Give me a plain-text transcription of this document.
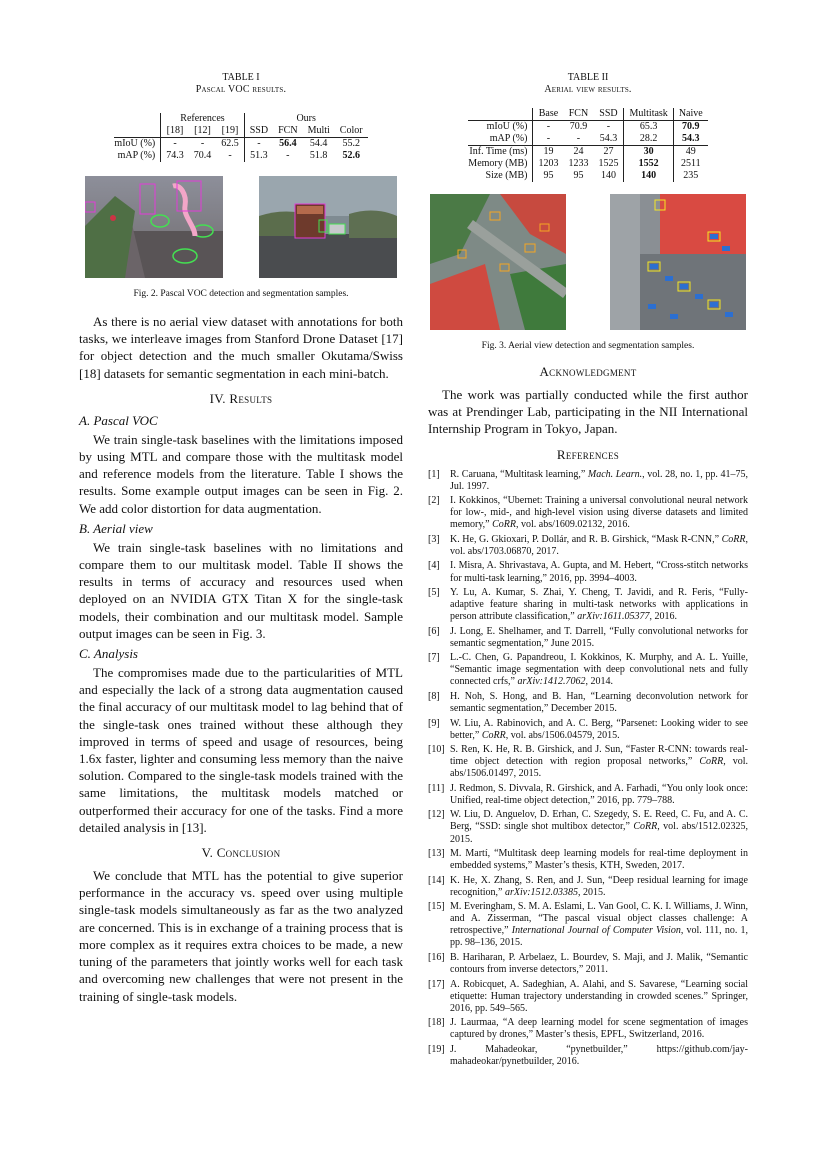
TABLE I
Pascal VOC results.
	References			Ours			
	[18]	[12]	[19]	SSD	FCN	Multi	Color
mIoU (%)	-	-	62.5	-	56.4	54.4	55.2
mAP (%)	74.3	70.4	-	51.3	-	51.8	52.6
Fig. 2. Pascal VOC detection and segmentation samples.

As there is no aerial view dataset with annotations for both tasks, we interleave images from Stanford Drone Dataset [17] for object detection and the much smaller Okutama/Swiss [18] datasets for semantic segmentation in each mini-batch.

IV. Results
A. Pascal VOC

We train single-task baselines with the limitations imposed by using MTL and compare those with the multitask model and reference models from the literature. Table I shows the results. Some example output images can be seen in Fig. 2. We add color distortion for data augmentation.

B. Aerial view

We train single-task baselines with no limitations and compare them to our multitask model. Table II shows the results in terms of accuracy and resources used when deployed on an NVIDIA GTX Titan X for the single-task models, their combination and our multitask model. Sample output images can be seen in Fig. 3.

C. Analysis

The compromises made due to the particularities of MTL and especially the lack of a strong data augmentation caused the final accuracy of our multitask model to lag behind that of the single-task ones trained without these although they improved in terms of speed and usage of resources, being 1.6x faster, lighter and consuming less memory than the naive solution. Compared to the single-task models trained with the same limitations, the multitask models matched or outperformed their accuracy for one of the tasks. Find a more detailed analysis in [13].

V. Conclusion

We conclude that MTL has the potential to give superior performance in the accuracy vs. speed over using multiple single-task models simultaneously as far as the two analyzed are concerned. This is in exchange of a training process that is more complex as it requires extra choices to be made, a new tuning of the parameters that jointly works well for each task and overcoming new challenges that were not present in the training of single-task models.

TABLE II
Aerial view results.
	Base	FCN	SSD	Multitask	Naive
mIoU (%)	-	70.9	-	65.3	70.9
mAP (%)	-	-	54.3	28.2	54.3
Inf. Time (ms)	19	24	27	30	49
Memory (MB)	1203	1233	1525	1552	2511
Size (MB)	95	95	140	140	235
Fig. 3. Aerial view detection and segmentation samples.
Acknowledgment

The work was partially conducted while the first author was at Prendinger Lab, participating in the NII International Internship Program in Tokyo, Japan.

References
[1] R. Caruana, “Multitask learning,” Mach. Learn., vol. 28, no. 1, pp. 41–75, Jul. 1997.
[2] I. Kokkinos, “Ubernet: Training a universal convolutional neural network for low-, mid-, and high-level vision using diverse datasets and limited memory,” CoRR, vol. abs/1609.02132, 2016.
[3] K. He, G. Gkioxari, P. Dollár, and R. B. Girshick, “Mask R-CNN,” CoRR, vol. abs/1703.06870, 2017.
[4] I. Misra, A. Shrivastava, A. Gupta, and M. Hebert, “Cross-stitch networks for multi-task learning,” 2016, pp. 3994–4003.
[5] Y. Lu, A. Kumar, S. Zhai, Y. Cheng, T. Javidi, and R. Feris, “Fully-adaptive feature sharing in multi-task networks with applications in person attribute classification,” arXiv:1611.05377, 2016.
[6] J. Long, E. Shelhamer, and T. Darrell, “Fully convolutional networks for semantic segmentation,” June 2015.
[7] L.-C. Chen, G. Papandreou, I. Kokkinos, K. Murphy, and A. L. Yuille, “Semantic image segmentation with deep convolutional nets and fully connected crfs,” arXiv:1412.7062, 2014.
[8] H. Noh, S. Hong, and B. Han, “Learning deconvolution network for semantic segmentation,” December 2015.
[9] W. Liu, A. Rabinovich, and A. C. Berg, “Parsenet: Looking wider to see better,” CoRR, vol. abs/1506.04579, 2015.
[10] S. Ren, K. He, R. B. Girshick, and J. Sun, “Faster R-CNN: towards real-time object detection with region proposal networks,” CoRR, vol. abs/1506.01497, 2015.
[11] J. Redmon, S. Divvala, R. Girshick, and A. Farhadi, “You only look once: Unified, real-time object detection,” 2016, pp. 779–788.
[12] W. Liu, D. Anguelov, D. Erhan, C. Szegedy, S. E. Reed, C. Fu, and A. C. Berg, “SSD: single shot multibox detector,” CoRR, vol. abs/1512.02325, 2015.
[13] M. Martí, “Multitask deep learning models for real-time deployment in embedded systems,” Master’s thesis, KTH, Sweden, 2017.
[14] K. He, X. Zhang, S. Ren, and J. Sun, “Deep residual learning for image recognition,” arXiv:1512.03385, 2015.
[15] M. Everingham, S. M. A. Eslami, L. Van Gool, C. K. I. Williams, J. Winn, and A. Zisserman, “The pascal visual object classes challenge: A retrospective,” International Journal of Computer Vision, vol. 111, no. 1, pp. 98–136, 2015.
[16] B. Hariharan, P. Arbelaez, L. Bourdev, S. Maji, and J. Malik, “Semantic contours from inverse detectors,” 2011.
[17] A. Robicquet, A. Sadeghian, A. Alahi, and S. Savarese, “Learning social etiquette: Human trajectory understanding in crowded scenes.” Springer, 2016, pp. 549–565.
[18] J. Laurmaa, “A deep learning model for scene segmentation of images captured by drones,” Master’s thesis, EPFL, Switzerland, 2016.
[19] J. Mahadeokar, “pynetbuilder,” https://github.com/jay-mahadeokar/pynetbuilder, 2016.
